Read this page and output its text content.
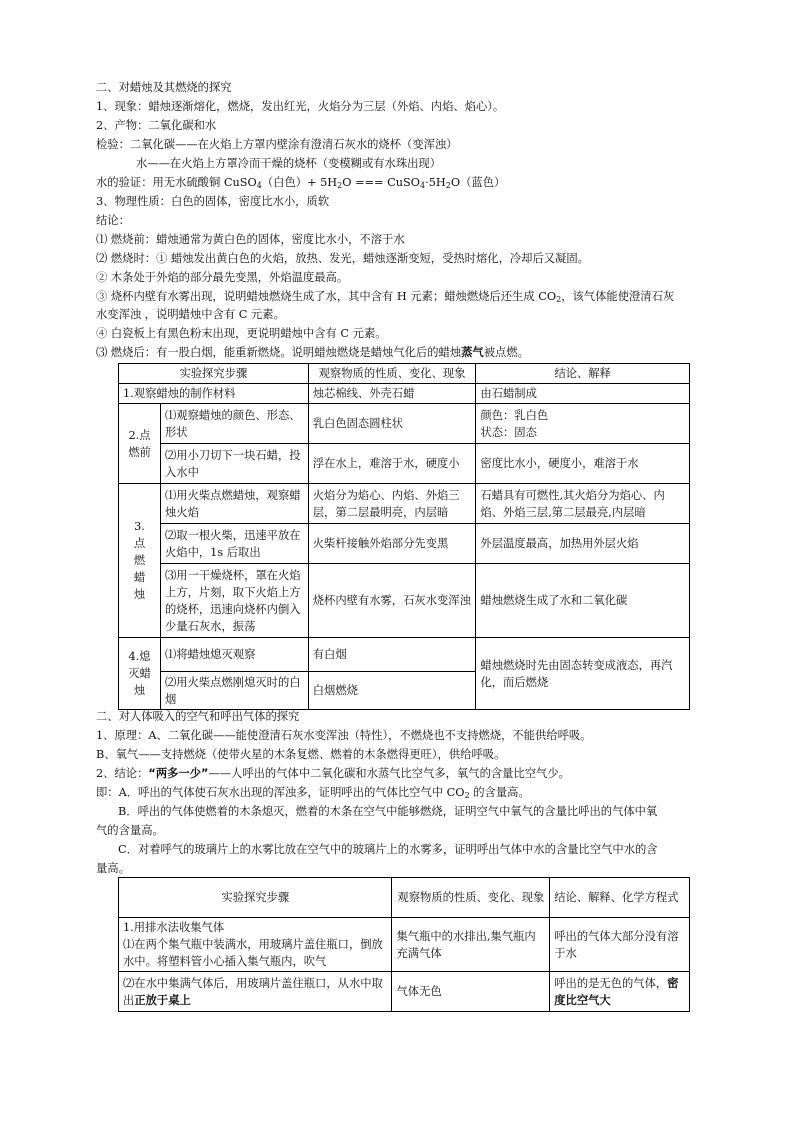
二、对蜡烛及其燃烧的探究
1、现象：蜡烛逐渐熔化，燃烧，发出红光，火焰分为三层（外焰、内焰、焰心）。
2、产物：二氧化碳和水
检验：二氧化碳——在火焰上方罩内壁涂有澄清石灰水的烧杯（变浑浊）
水——在火焰上方罩冷而干燥的烧杯（变模糊或有水珠出现）
水的验证：用无水硫酸铜 CuSO$_4$（白色）+ $5H_2O$ === $CuSO_4\cdot 5H_2O$（蓝色）
3、物理性质：白色的固体，密度比水小，质软
结论：
⑴ 燃烧前：蜡烛通常为黄白色的固体，密度比水小，不溶于水
⑵ 燃烧时：① 蜡烛发出黄白色的火焰，放热、发光，蜡烛逐渐变短，受热时熔化，冷却后又凝固。
② 木条处于外焰的部分最先变黑，外焰温度最高。
③ 烧杯内壁有水雾出现，说明蜡烛燃烧生成了水，其中含有 H 元素；蜡烛燃烧后还生成 $CO_2$，该气体能使澄清石灰
水变浑浊 ，说明蜡烛中含有 C 元素。
④ 白瓷板上有黑色粉末出现，更说明蜡烛中含有 C 元素。
⑶ 燃烧后：有一股白烟，能重新燃烧。说明蜡烛燃烧是蜡烛气化后的蜡烛蒸气被点燃。
实验探究步骤		观察物质的性质、变化、现象	结论、解释
1.观察蜡烛的制作材料		烛芯棉线、外壳石蜡	由石蜡制成
2.点燃前	⑴观察蜡烛的颜色、形态、形状	乳白色固态圆柱状	颜色：乳白色
状态：固态

	⑵用小刀切下一块石蜡，投入水中	浮在水上，难溶于水，硬度小	密度比水小，硬度小，难溶于水
3.点燃蜡烛	⑴用火柴点燃蜡烛，观察蜡烛火焰	火焰分为焰心、内焰、外焰三层，第二层最明亮，内层暗	石蜡具有可燃性,其火焰分为焰心、内焰、外焰三层,第二层最亮,内层暗
	⑵取一根火柴，迅速平放在火焰中，1s 后取出	火柴杆接触外焰部分先变黑	外层温度最高，加热用外层火焰
	⑶用一干燥烧杯，罩在火焰上方，片刻，取下火焰上方的烧杯，迅速向烧杯内倒入少量石灰水，振荡	烧杯内壁有水雾，石灰水变浑浊	蜡烛燃烧生成了水和二氧化碳
4.熄灭蜡烛	⑴将蜡烛熄灭观察	有白烟	蜡烛燃烧时先由固态转变成液态，再汽化，而后燃烧
	⑵用火柴点燃刚熄灭时的白烟	白烟燃烧	
二、对人体吸入的空气和呼出气体的探究
1、原理：A、二氧化碳——能使澄清石灰水变浑浊（特性），不燃烧也不支持燃烧，不能供给呼吸。
B、氧气——支持燃烧（使带火星的木条复燃、燃着的木条燃得更旺），供给呼吸。
2、结论：“两多一少”——人呼出的气体中二氧化碳和水蒸气比空气多，氧气的含量比空气少。
即：A．呼出的气体使石灰水出现的浑浊多，证明呼出的气体比空气中 $CO_2$ 的含量高。
B．呼出的气体使燃着的木条熄灭，燃着的木条在空气中能够燃烧，证明空气中氧气的含量比呼出的气体中氧
气的含量高。
C．对着呼气的玻璃片上的水雾比放在空气中的玻璃片上的水雾多，证明呼出气体中水的含量比空气中水的含
量高。
实验探究步骤	观察物质的性质、变化、现象	结论、解释、化学方程式

1.用排水法收集气体
⑴在两个集气瓶中装满水，用玻璃片盖住瓶口，倒放水中。将塑料管小心插入集气瓶内，吹气	集气瓶中的水排出,集气瓶内充满气体	呼出的气体大部分没有溶于水
⑵在水中集满气体后，用玻璃片盖住瓶口，从水中取出正放于桌上	气体无色	呼出的是无色的气体，密度比空气大
